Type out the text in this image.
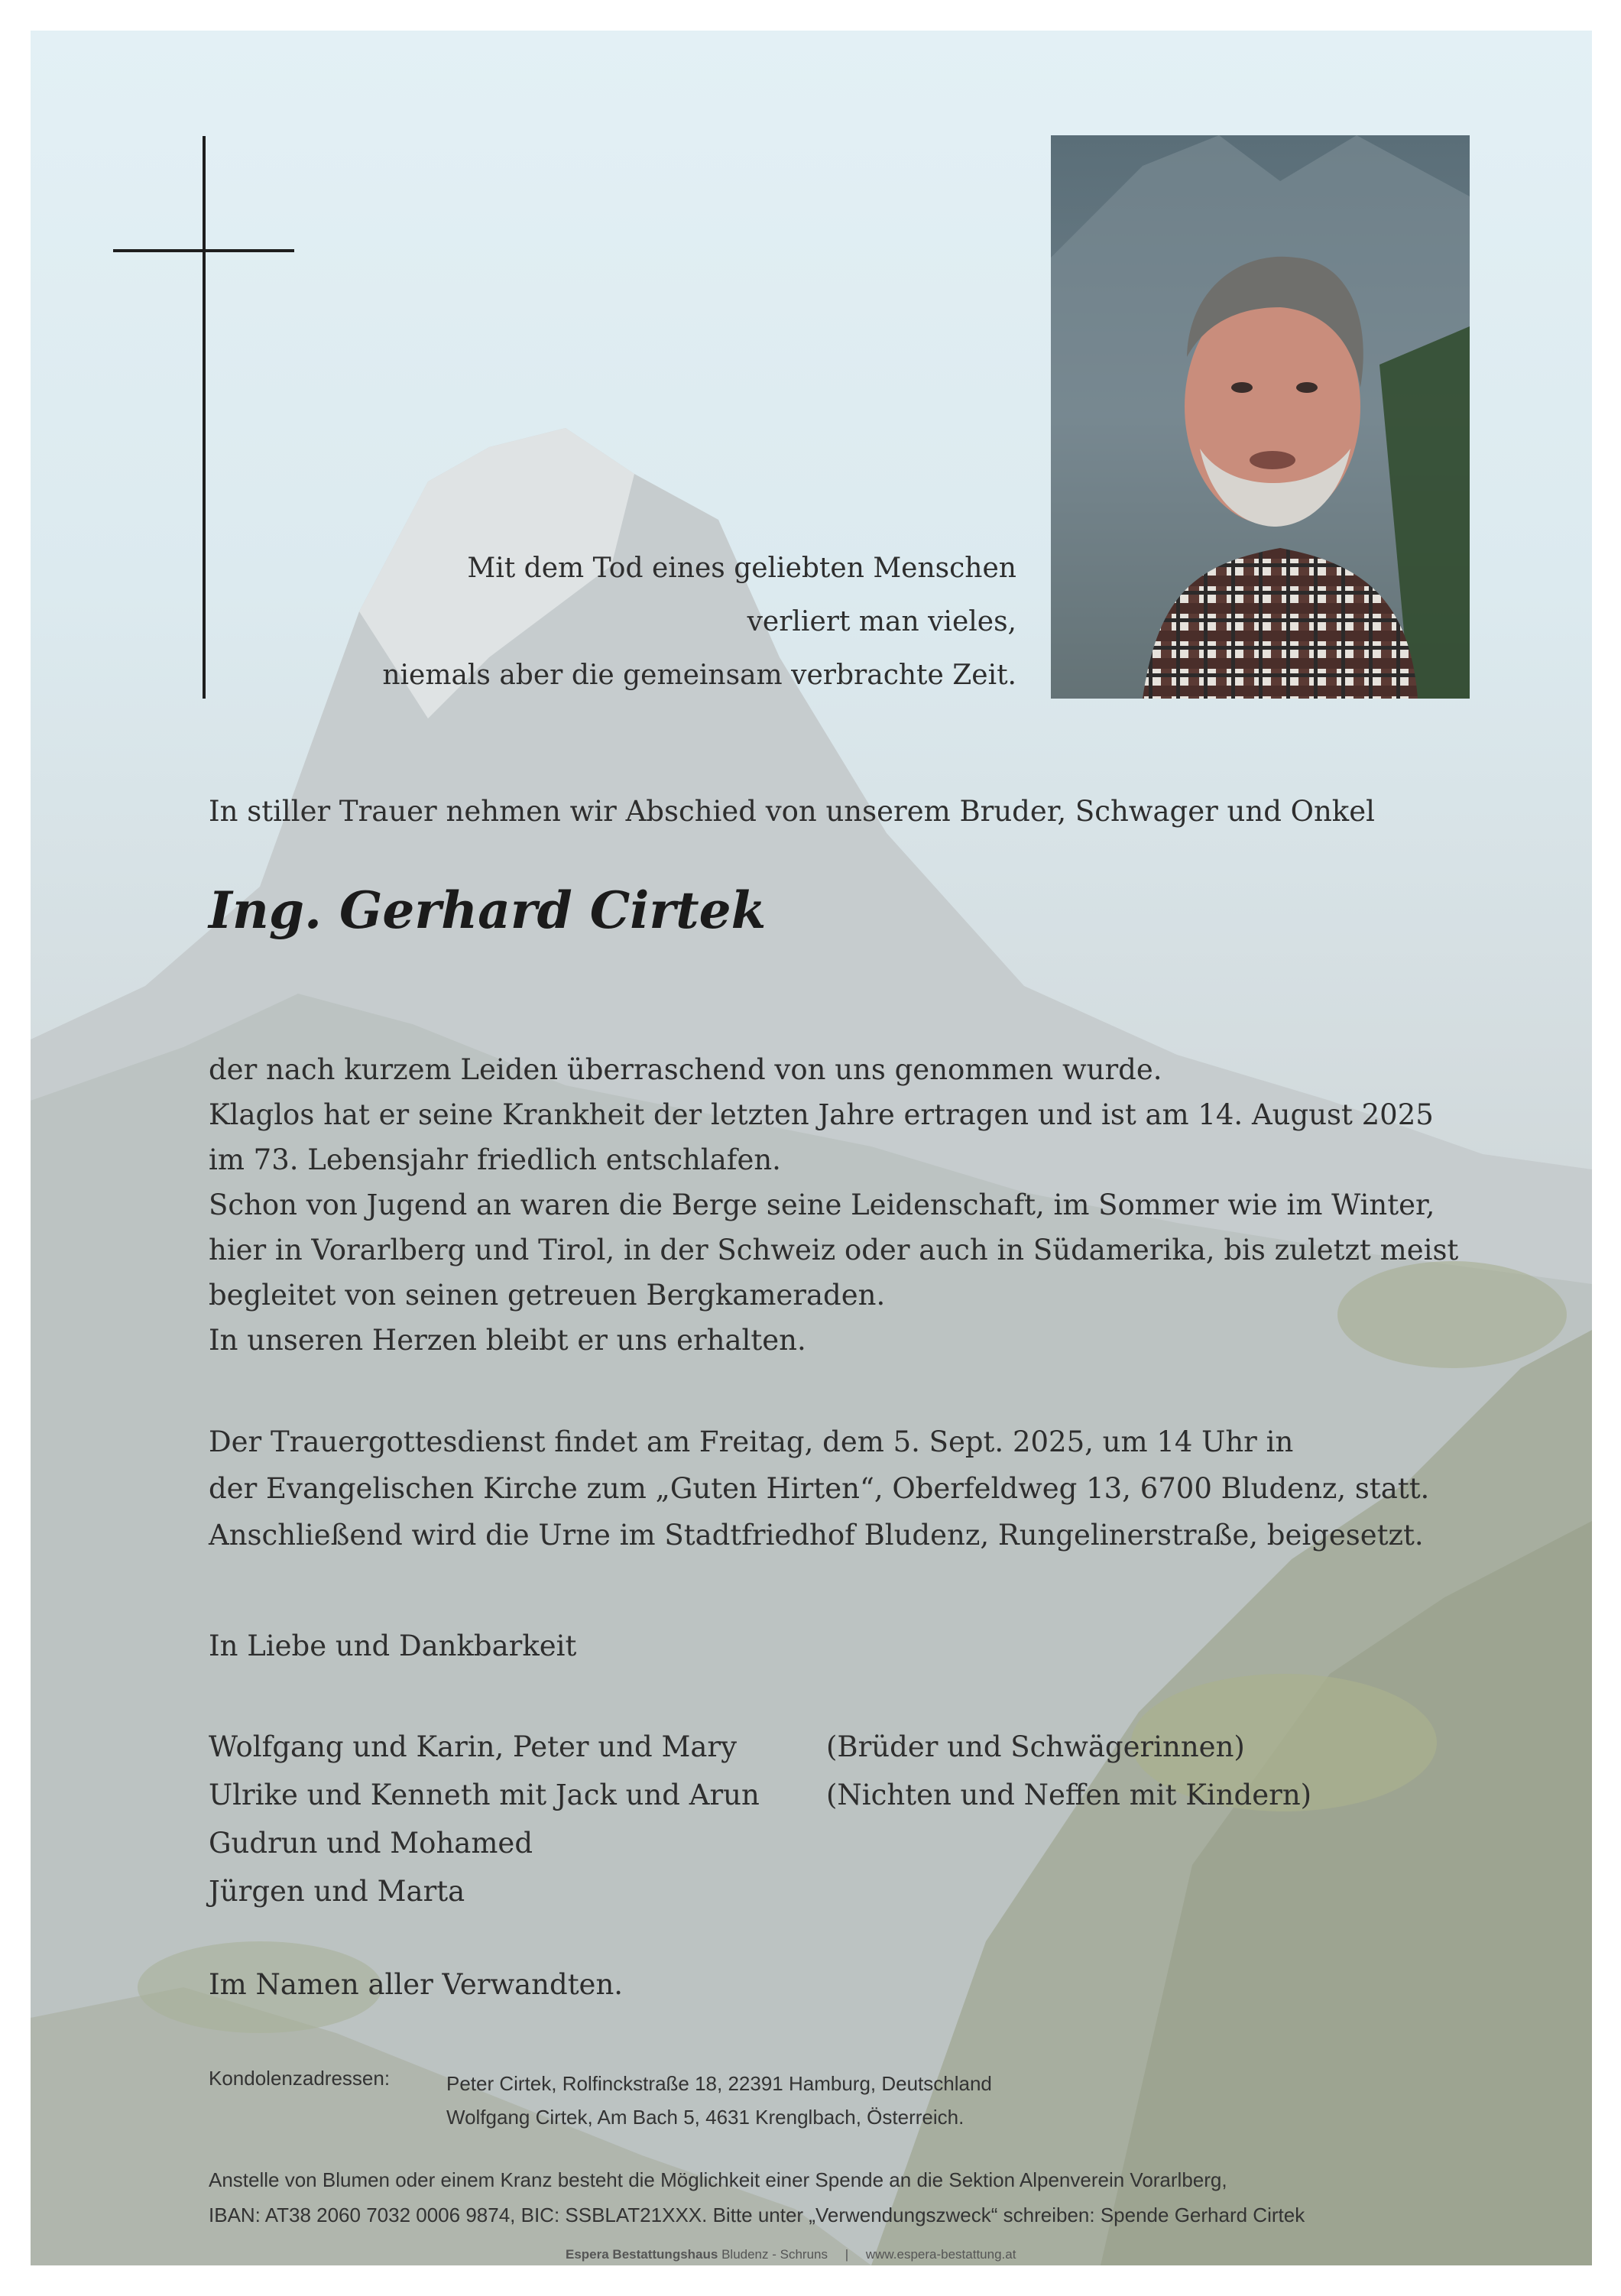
Mit dem Tod eines geliebten Menschen
verliert man vieles,
niemals aber die gemeinsam verbrachte Zeit.
In stiller Trauer nehmen wir Abschied von unserem Bruder, Schwager und Onkel
Ing. Gerhard Cirtek
der nach kurzem Leiden überraschend von uns genommen wurde.
Klaglos hat er seine Krankheit der letzten Jahre ertragen und ist am 14. August 2025
im 73. Lebensjahr friedlich entschlafen.
Schon von Jugend an waren die Berge seine Leidenschaft, im Sommer wie im Winter,
hier in Vorarlberg und Tirol, in der Schweiz oder auch in Südamerika, bis zuletzt meist
begleitet von seinen getreuen Bergkameraden.
In unseren Herzen bleibt er uns erhalten.
Der Trauergottesdienst findet am Freitag, dem 5. Sept. 2025, um 14 Uhr in
der Evangelischen Kirche zum „Guten Hirten“, Oberfeldweg 13, 6700 Bludenz, statt.
Anschließend wird die Urne im Stadtfriedhof Bludenz, Rungelinerstraße, beigesetzt.
In Liebe und Dankbarkeit
Wolfgang und Karin, Peter und Mary
Ulrike und Kenneth mit Jack und Arun
Gudrun und Mohamed
Jürgen und Marta
(Brüder und Schwägerinnen)
(Nichten und Neffen mit Kindern)
Im Namen aller Verwandten.
Kondolenzadressen:	Peter Cirtek, Rolfinckstraße 18, 22391 Hamburg, Deutschland
Wolfgang Cirtek, Am Bach 5, 4631 Krenglbach, Österreich.
Anstelle von Blumen oder einem Kranz besteht die Möglichkeit einer Spende an die Sektion Alpenverein Vorarlberg,
IBAN: AT38 2060 7032 0006 9874, BIC: SSBLAT21XXX. Bitte unter „Verwendungszweck“ schreiben: Spende Gerhard Cirtek
Espera Bestattungshaus Bludenz - Schruns | www.espera-bestattung.at
